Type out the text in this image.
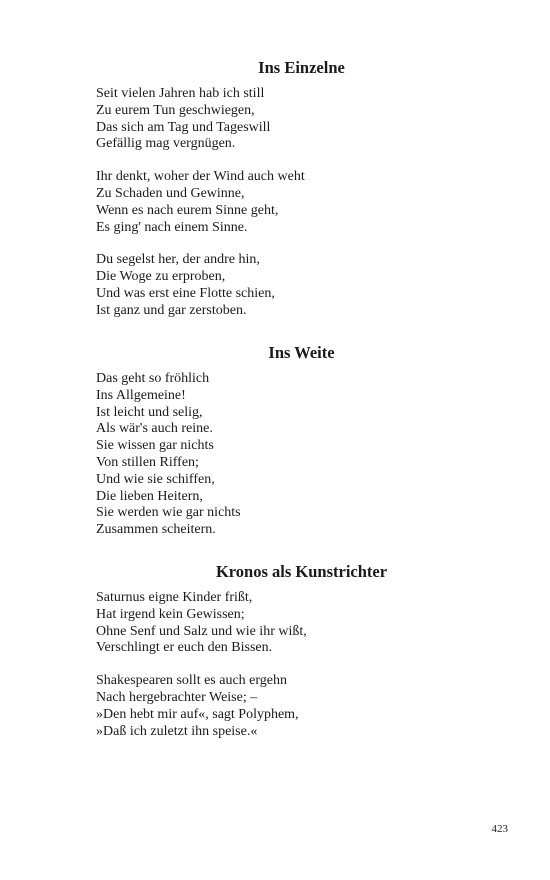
Ins Einzelne
Seit vielen Jahren hab ich still
Zu eurem Tun geschwiegen,
Das sich am Tag und Tageswill
Gefällig mag vergnügen.
Ihr denkt, woher der Wind auch weht
Zu Schaden und Gewinne,
Wenn es nach eurem Sinne geht,
Es ging' nach einem Sinne.
Du segelst her, der andre hin,
Die Woge zu erproben,
Und was erst eine Flotte schien,
Ist ganz und gar zerstoben.
Ins Weite
Das geht so fröhlich
Ins Allgemeine!
Ist leicht und selig,
Als wär's auch reine.
Sie wissen gar nichts
Von stillen Riffen;
Und wie sie schiffen,
Die lieben Heitern,
Sie werden wie gar nichts
Zusammen scheitern.
Kronos als Kunstrichter
Saturnus eigne Kinder frißt,
Hat irgend kein Gewissen;
Ohne Senf und Salz und wie ihr wißt,
Verschlingt er euch den Bissen.
Shakespearen sollt es auch ergehn
Nach hergebrachter Weise; –
»Den hebt mir auf«, sagt Polyphem,
»Daß ich zuletzt ihn speise.«
423
